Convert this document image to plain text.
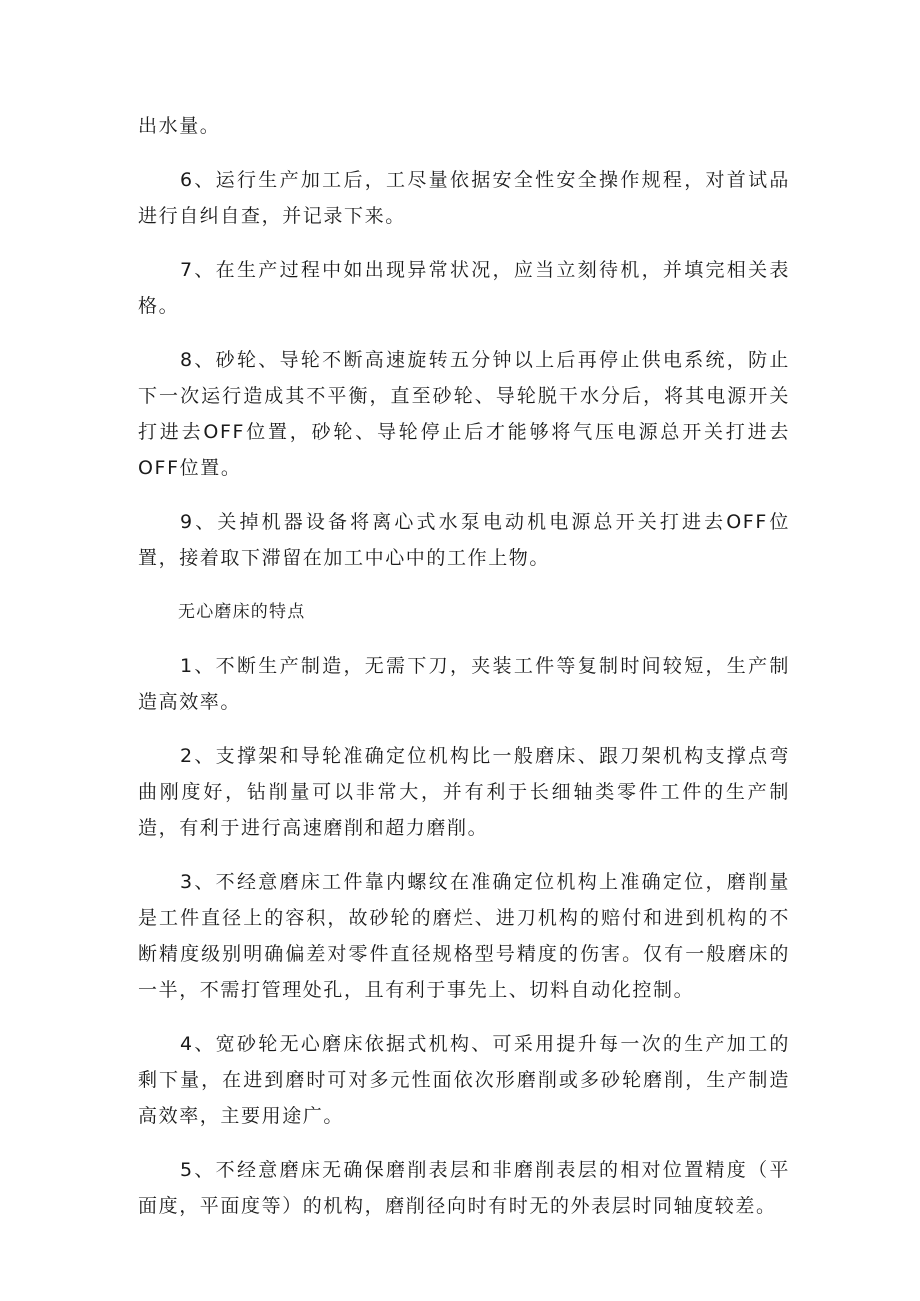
出水量。

6、运行生产加工后，工尽量依据安全性安全操作规程，对首试品进行自纠自查，并记录下来。

7、在生产过程中如出现异常状况，应当立刻待机，并填完相关表格。

8、砂轮、导轮不断高速旋转五分钟以上后再停止供电系统，防止下一次运行造成其不平衡，直至砂轮、导轮脱干水分后，将其电源开关打进去OFF位置，砂轮、导轮停止后才能够将气压电源总开关打进去OFF位置。

9、关掉机器设备将离心式水泵电动机电源总开关打进去OFF位置，接着取下滞留在加工中心中的工作上物。

无心磨床的特点

1、不断生产制造，无需下刀，夹装工件等复制时间较短，生产制造高效率。

2、支撑架和导轮准确定位机构比一般磨床、跟刀架机构支撑点弯曲刚度好，钻削量可以非常大，并有利于长细轴类零件工件的生产制造，有利于进行高速磨削和超力磨削。

3、不经意磨床工件靠内螺纹在准确定位机构上准确定位，磨削量是工件直径上的容积，故砂轮的磨烂、进刀机构的赔付和进到机构的不断精度级别明确偏差对零件直径规格型号精度的伤害。仅有一般磨床的一半，不需打管理处孔，且有利于事先上、切料自动化控制。

4、宽砂轮无心磨床依据式机构、可采用提升每一次的生产加工的剩下量，在进到磨时可对多元性面依次形磨削或多砂轮磨削，生产制造高效率，主要用途广。

5、不经意磨床无确保磨削表层和非磨削表层的相对位置精度（平面度，平面度等）的机构，磨削径向时有时无的外表层时同轴度较差。
